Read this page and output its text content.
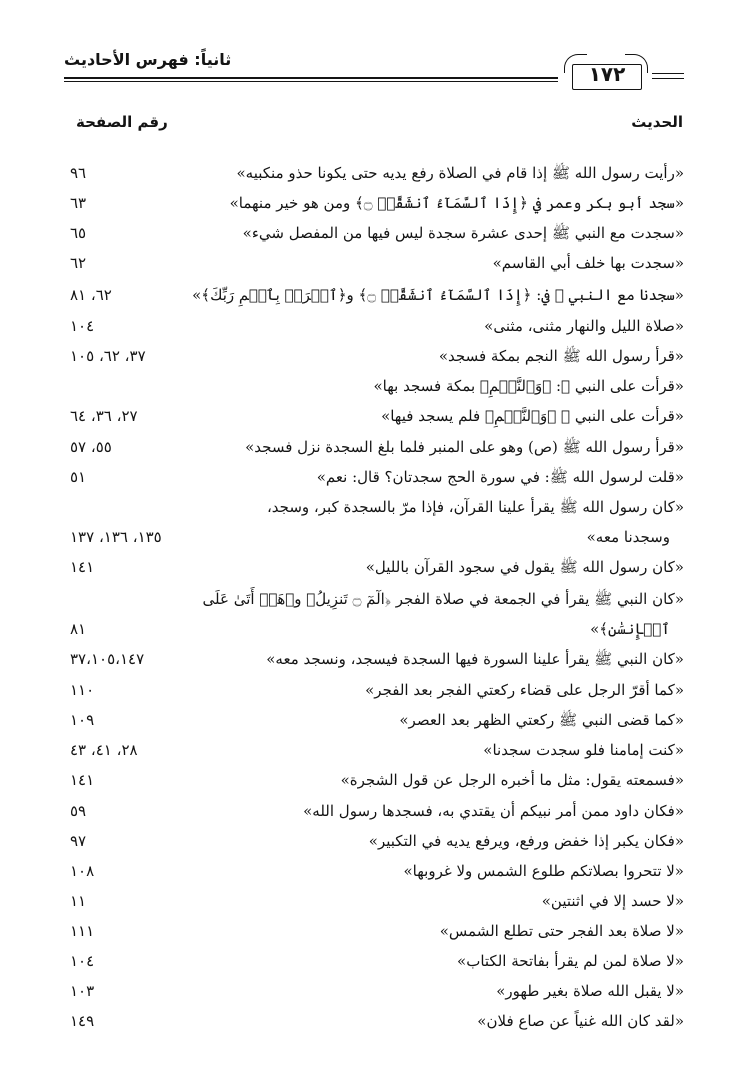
ثانياً: فهرس الأحاديث
١٧٢
الحديث
رقم الصفحة
«رأيت رسول الله ﷺ إذا قام في الصلاة رفع يديه حتى يكونا حذو منكبيه»
٩٦
«سجد أبو بكر وعمر في ﴿إِذَا ٱلسَّمَآءُ ٱنشَقَّتۡ ۝﴾ ومن هو خير منهما»
٦٣
«سجدت مع النبي ﷺ إحدى عشرة سجدة ليس فيها من المفصل شيء»
٦٥
«سجدت بها خلف أبي القاسم»
٦٢
«سجدنا مع النبي ﷺ في: ﴿إِذَا ٱلسَّمَآءُ ٱنشَقَّتۡ ۝﴾ و﴿ٱقۡرَأۡ بِٱسۡمِ رَبِّكَ﴾»
٦٢، ٨١
«صلاة الليل والنهار مثنى، مثنى»
١٠٤
«قرأ رسول الله ﷺ النجم بمكة فسجد»
٣٧، ٦٢، ١٠٥
«قرأت على النبي ﷺ: ﴿وَٱلنَّجۡمِ﴾ بمكة فسجد بها»
«قرأت على النبي ﷺ ﴿وَٱلنَّجۡمِ﴾ فلم يسجد فيها»
٢٧، ٣٦، ٦٤
«قرأ رسول الله ﷺ (ص) وهو على المنبر فلما بلغ السجدة نزل فسجد»
٥٥، ٥٧
«قلت لرسول الله ﷺ: في سورة الحج سجدتان؟ قال: نعم»
٥١
«كان رسول الله ﷺ يقرأ علينا القرآن، فإذا مرّ بالسجدة كبر، وسجد،
وسجدنا معه»
١٣٥، ١٣٦، ١٣٧
«كان رسول الله ﷺ يقول في سجود القرآن بالليل»
١٤١
«كان النبي ﷺ يقرأ في الجمعة في صلاة الفجر ﴿الٓمٓ ۝ تَنزِيلُ﴾ و﴿هَلۡ أَتَىٰ عَلَى
ٱلۡإِنسَٰنِ﴾»
٨١
«كان النبي ﷺ يقرأ علينا السورة فيها السجدة فيسجد، ونسجد معه»
٣٧،١٠٥،١٤٧
«كما أقرّ الرجل على قضاء ركعتي الفجر بعد الفجر»
١١٠
«كما قضى النبي ﷺ ركعتي الظهر بعد العصر»
١٠٩
«كنت إمامنا فلو سجدت سجدنا»
٢٨، ٤١، ٤٣
«فسمعته يقول: مثل ما أخبره الرجل عن قول الشجرة»
١٤١
«فكان داود ممن أمر نبيكم أن يقتدي به، فسجدها رسول الله»
٥٩
«فكان يكبر إذا خفض ورفع، ويرفع يديه في التكبير»
٩٧
«لا تتحروا بصلاتكم طلوع الشمس ولا غروبها»
١٠٨
«لا حسد إلا في اثنتين»
١١
«لا صلاة بعد الفجر حتى تطلع الشمس»
١١١
«لا صلاة لمن لم يقرأ بفاتحة الكتاب»
١٠٤
«لا يقبل الله صلاة بغير طهور»
١٠٣
«لقد كان الله غنياً عن صاع فلان»
١٤٩
